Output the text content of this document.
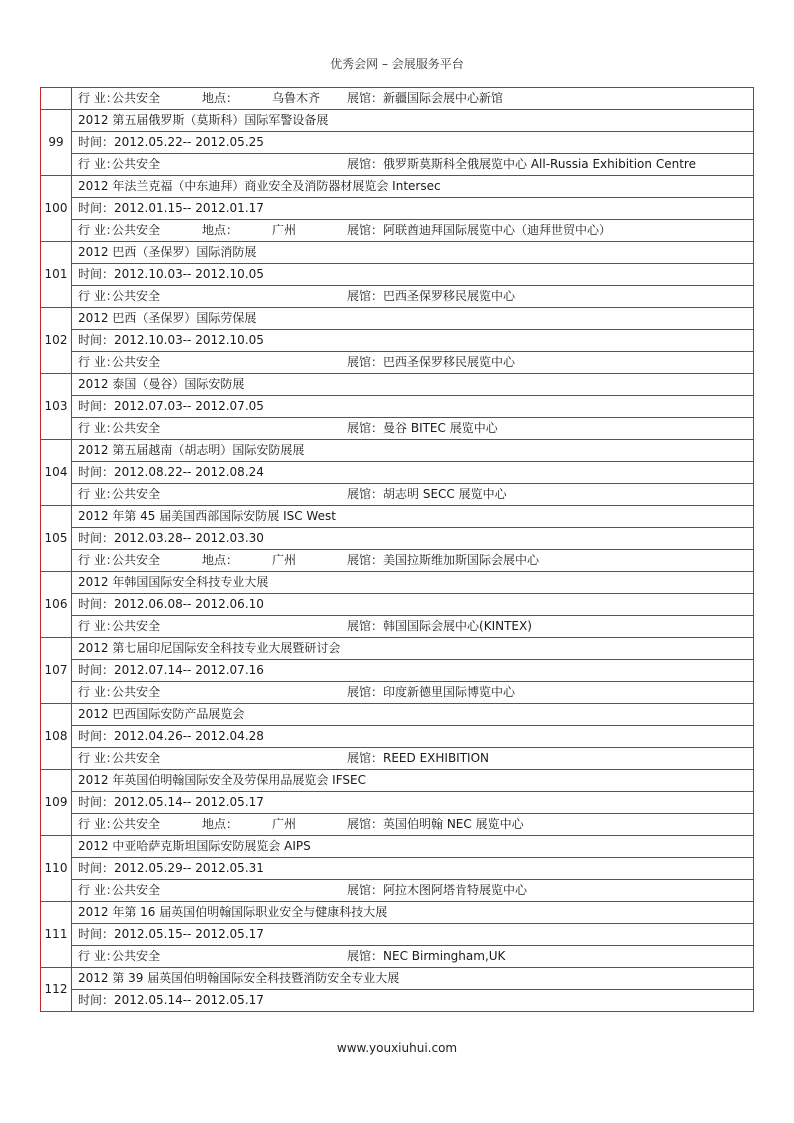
优秀会网 – 会展服务平台
	行 业：公共安全 地点： 乌鲁木齐 展馆：新疆国际会展中心新馆
99	2012 第五届俄罗斯（莫斯科）国际军警设备展
	时间：2012.05.22-- 2012.05.25
	行 业：公共安全 展馆：俄罗斯莫斯科全俄展览中心 All-Russia Exhibition Centre
100	2012 年法兰克福（中东迪拜）商业安全及消防器材展览会 Intersec
	时间：2012.01.15-- 2012.01.17
	行 业：公共安全 地点： 广州 展馆：阿联酋迪拜国际展览中心（迪拜世贸中心）
101	2012 巴西（圣保罗）国际消防展
	时间：2012.10.03-- 2012.10.05
	行 业：公共安全 展馆：巴西圣保罗移民展览中心
102	2012 巴西（圣保罗）国际劳保展
	时间：2012.10.03-- 2012.10.05
	行 业：公共安全 展馆：巴西圣保罗移民展览中心
103	2012 泰国（曼谷）国际安防展
	时间：2012.07.03-- 2012.07.05
	行 业：公共安全 展馆：曼谷 BITEC 展览中心
104	2012 第五届越南（胡志明）国际安防展展
	时间：2012.08.22-- 2012.08.24
	行 业：公共安全 展馆：胡志明 SECC 展览中心
105	2012 年第 45 届美国西部国际安防展 ISC West
	时间：2012.03.28-- 2012.03.30
	行 业：公共安全 地点： 广州 展馆：美国拉斯维加斯国际会展中心
106	2012 年韩国国际安全科技专业大展
	时间：2012.06.08-- 2012.06.10
	行 业：公共安全 展馆：韩国国际会展中心(KINTEX)
107	2012 第七届印尼国际安全科技专业大展暨研讨会
	时间：2012.07.14-- 2012.07.16
	行 业：公共安全 展馆：印度新德里国际博览中心
108	2012 巴西国际安防产品展览会
	时间：2012.04.26-- 2012.04.28
	行 业：公共安全 展馆：REED EXHIBITION
109	2012 年英国伯明翰国际安全及劳保用品展览会 IFSEC
	时间：2012.05.14-- 2012.05.17
	行 业：公共安全 地点： 广州 展馆：英国伯明翰 NEC 展览中心
110	2012 中亚哈萨克斯坦国际安防展览会 AIPS
	时间：2012.05.29-- 2012.05.31
	行 业：公共安全 展馆：阿拉木图阿塔肯特展览中心
111	2012 年第 16 届英国伯明翰国际职业安全与健康科技大展
	时间：2012.05.15-- 2012.05.17
	行 业：公共安全 展馆：NEC Birmingham,UK
112	2012 第 39 届英国伯明翰国际安全科技暨消防安全专业大展
	时间：2012.05.14-- 2012.05.17
www.youxiuhui.com
